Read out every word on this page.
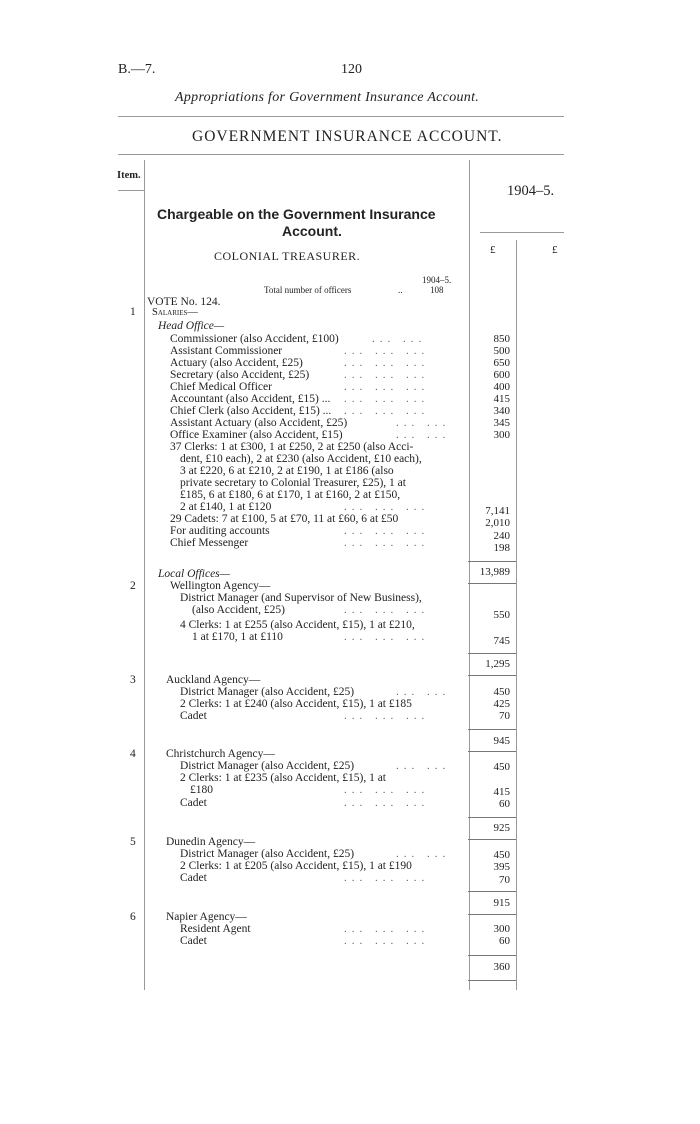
B.—7.	120
Appropriations for Government Insurance Account.
GOVERNMENT INSURANCE ACCOUNT.
Item.
1904–5.
Chargeable on the Government Insurance
Account.
£	£
COLONIAL TREASURER.
1904–5.
Total number of officers	..	108
VOTE No. 124.
1 Salaries—
Head Office—
Commissioner (also Accident, £100)	850
Assistant Commissioner	500
Actuary (also Accident, £25)	650
Secretary (also Accident, £25)	600
Chief Medical Officer	400
Accountant (also Accident, £15) ...	415
Chief Clerk (also Accident, £15) ...	340
Assistant Actuary (also Accident, £25)	345
Office Examiner (also Accident, £15)	300
... ...
... ... ...
... ... ...
... ... ...
... ... ...
... ... ...
... ... ...
... ...
... ...
37 Clerks: 1 at £300, 1 at £250, 2 at £250 (also Acci-
dent, £10 each), 2 at £230 (also Accident, £10 each),
3 at £220, 6 at £210, 2 at £190, 1 at £186 (also
private secretary to Colonial Treasurer, £25), 1 at
£185, 6 at £180, 6 at £170, 1 at £160, 2 at £150,
2 at £140, 1 at £120	... ... ...	7,141
29 Cadets: 7 at £100, 5 at £70, 11 at £60, 6 at £50	2,010
For auditing accounts	... ... ...	240
Chief Messenger	... ... ...	198
13,989
Local Offices—
2	Wellington Agency—
District Manager (and Supervisor of New Business),
(also Accident, £25)	... ... ...	550
4 Clerks: 1 at £255 (also Accident, £15), 1 at £210,
1 at £170, 1 at £110	... ... ...	745
1,295
3	Auckland Agency—
District Manager (also Accident, £25)	... ...	450
2 Clerks: 1 at £240 (also Accident, £15), 1 at £185	425
Cadet	... ... ...	70
945
4	Christchurch Agency—
District Manager (also Accident, £25)	... ...	450
2 Clerks: 1 at £235 (also Accident, £15), 1 at
£180	... ... ...	415
Cadet	... ... ...	60
925
5	Dunedin Agency—
District Manager (also Accident, £25)	... ...	450
2 Clerks: 1 at £205 (also Accident, £15), 1 at £190	395
Cadet	... ... ...	70
915
6	Napier Agency—
Resident Agent	... ... ...	300
Cadet	... ... ...	60
360
